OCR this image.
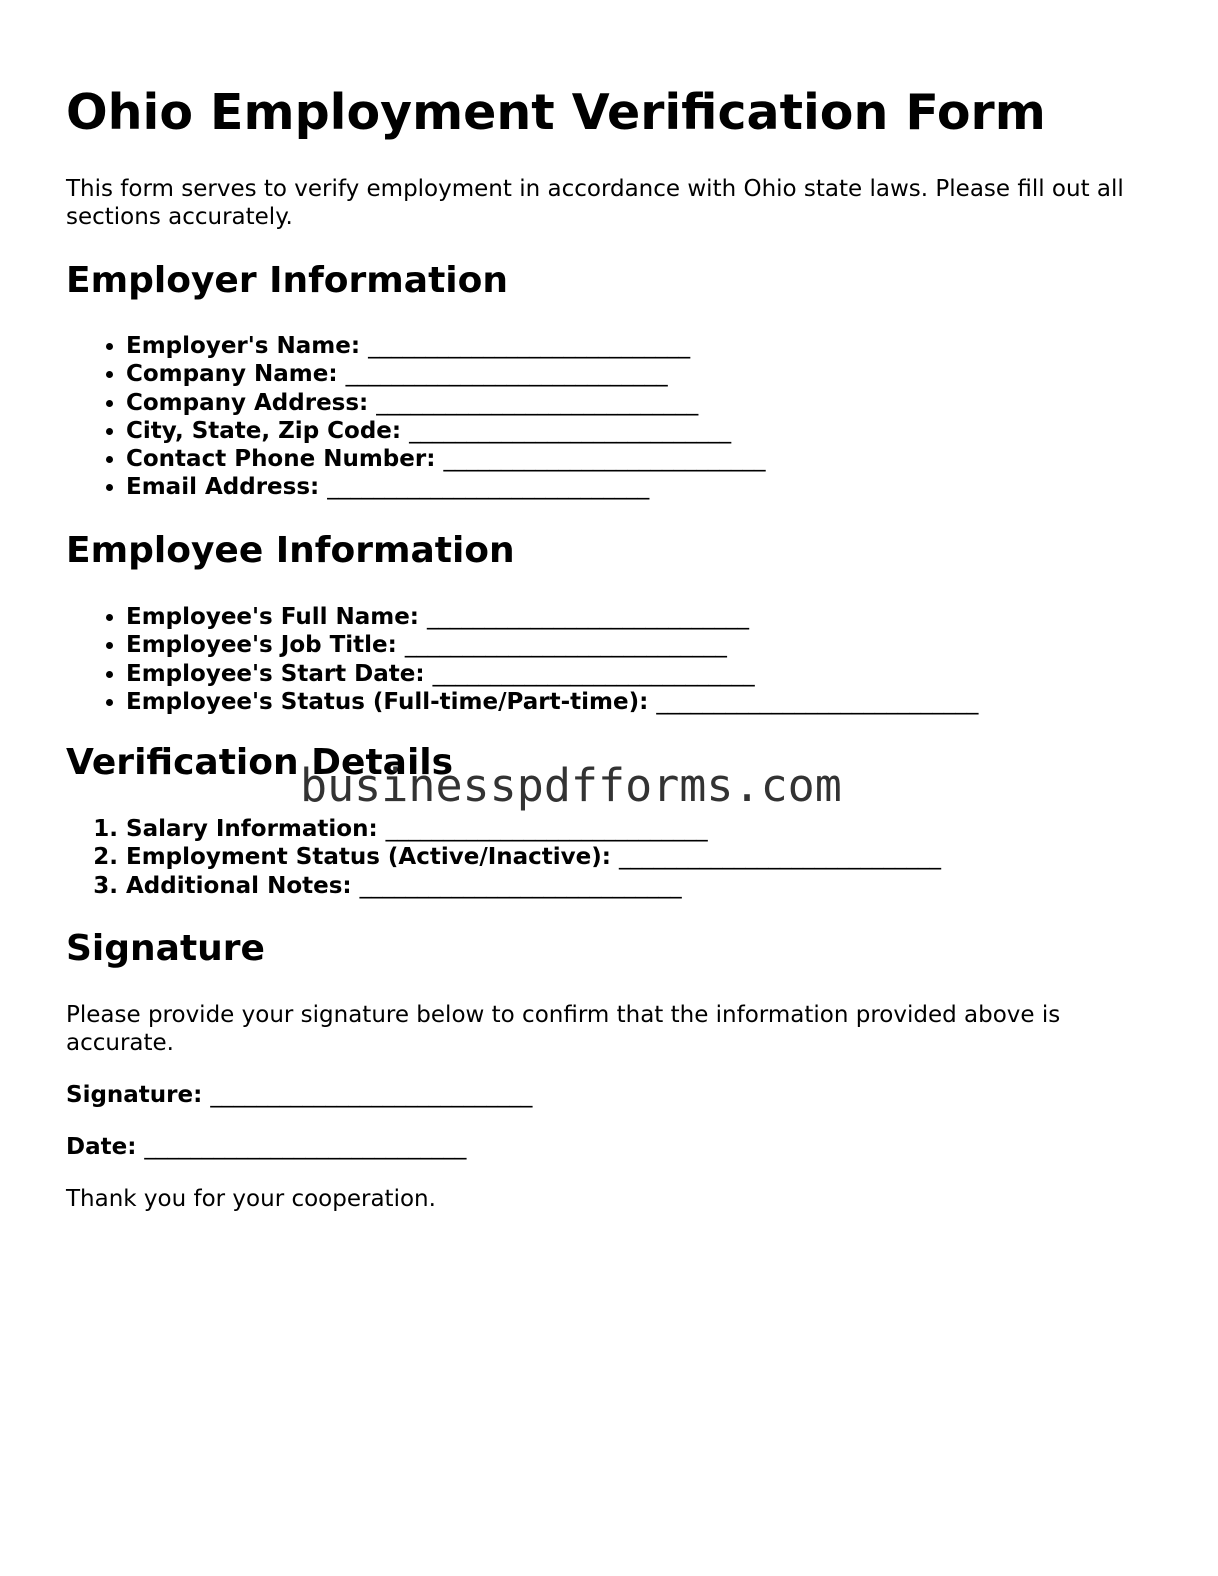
Ohio Employment Verification Form

This form serves to verify employment in accordance with Ohio state laws. Please fill out all sections accurately.

Employer Information
• Employer's Name: ____________________________
• Company Name: ____________________________
• Company Address: ____________________________
• City, State, Zip Code: ____________________________
• Contact Phone Number: ____________________________
• Email Address: ____________________________
Employee Information
• Employee's Full Name: ____________________________
• Employee's Job Title: ____________________________
• Employee's Start Date: ____________________________
• Employee's Status (Full-time/Part-time): ____________________________
Verification Details
1. Salary Information: ____________________________
2. Employment Status (Active/Inactive): ____________________________
3. Additional Notes: ____________________________
Signature

Please provide your signature below to confirm that the information provided above is accurate.

Signature: ____________________________

Date: ____________________________

Thank you for your cooperation.

businesspdfforms.com
